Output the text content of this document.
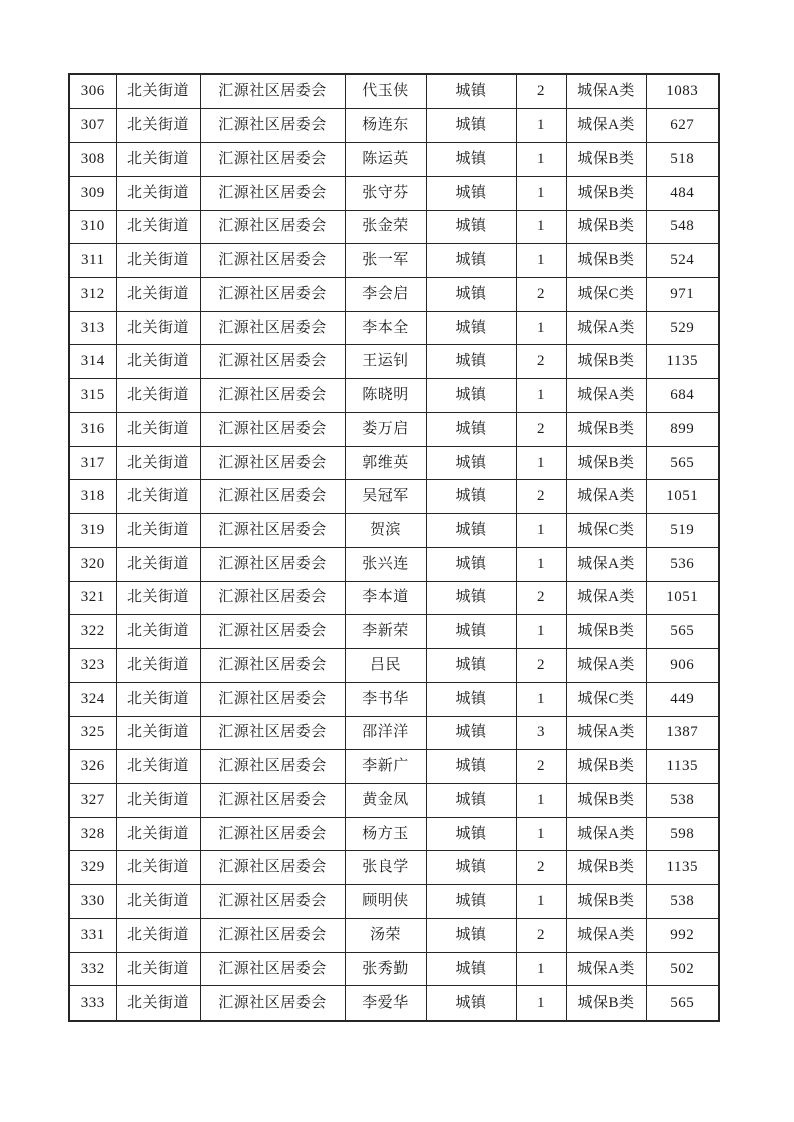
306	北关街道	汇源社区居委会	代玉侠	城镇	2	城保A类	1083
307	北关街道	汇源社区居委会	杨连东	城镇	1	城保A类	627
308	北关街道	汇源社区居委会	陈运英	城镇	1	城保B类	518
309	北关街道	汇源社区居委会	张守芬	城镇	1	城保B类	484
310	北关街道	汇源社区居委会	张金荣	城镇	1	城保B类	548
311	北关街道	汇源社区居委会	张一军	城镇	1	城保B类	524
312	北关街道	汇源社区居委会	李会启	城镇	2	城保C类	971
313	北关街道	汇源社区居委会	李本全	城镇	1	城保A类	529
314	北关街道	汇源社区居委会	王运钊	城镇	2	城保B类	1135
315	北关街道	汇源社区居委会	陈晓明	城镇	1	城保A类	684
316	北关街道	汇源社区居委会	娄万启	城镇	2	城保B类	899
317	北关街道	汇源社区居委会	郭维英	城镇	1	城保B类	565
318	北关街道	汇源社区居委会	吴冠军	城镇	2	城保A类	1051
319	北关街道	汇源社区居委会	贺滨	城镇	1	城保C类	519
320	北关街道	汇源社区居委会	张兴连	城镇	1	城保A类	536
321	北关街道	汇源社区居委会	李本道	城镇	2	城保A类	1051
322	北关街道	汇源社区居委会	李新荣	城镇	1	城保B类	565
323	北关街道	汇源社区居委会	吕民	城镇	2	城保A类	906
324	北关街道	汇源社区居委会	李书华	城镇	1	城保C类	449
325	北关街道	汇源社区居委会	邵洋洋	城镇	3	城保A类	1387
326	北关街道	汇源社区居委会	李新广	城镇	2	城保B类	1135
327	北关街道	汇源社区居委会	黄金凤	城镇	1	城保B类	538
328	北关街道	汇源社区居委会	杨方玉	城镇	1	城保A类	598
329	北关街道	汇源社区居委会	张良学	城镇	2	城保B类	1135
330	北关街道	汇源社区居委会	顾明侠	城镇	1	城保B类	538
331	北关街道	汇源社区居委会	汤荣	城镇	2	城保A类	992
332	北关街道	汇源社区居委会	张秀勤	城镇	1	城保A类	502
333	北关街道	汇源社区居委会	李爱华	城镇	1	城保B类	565
